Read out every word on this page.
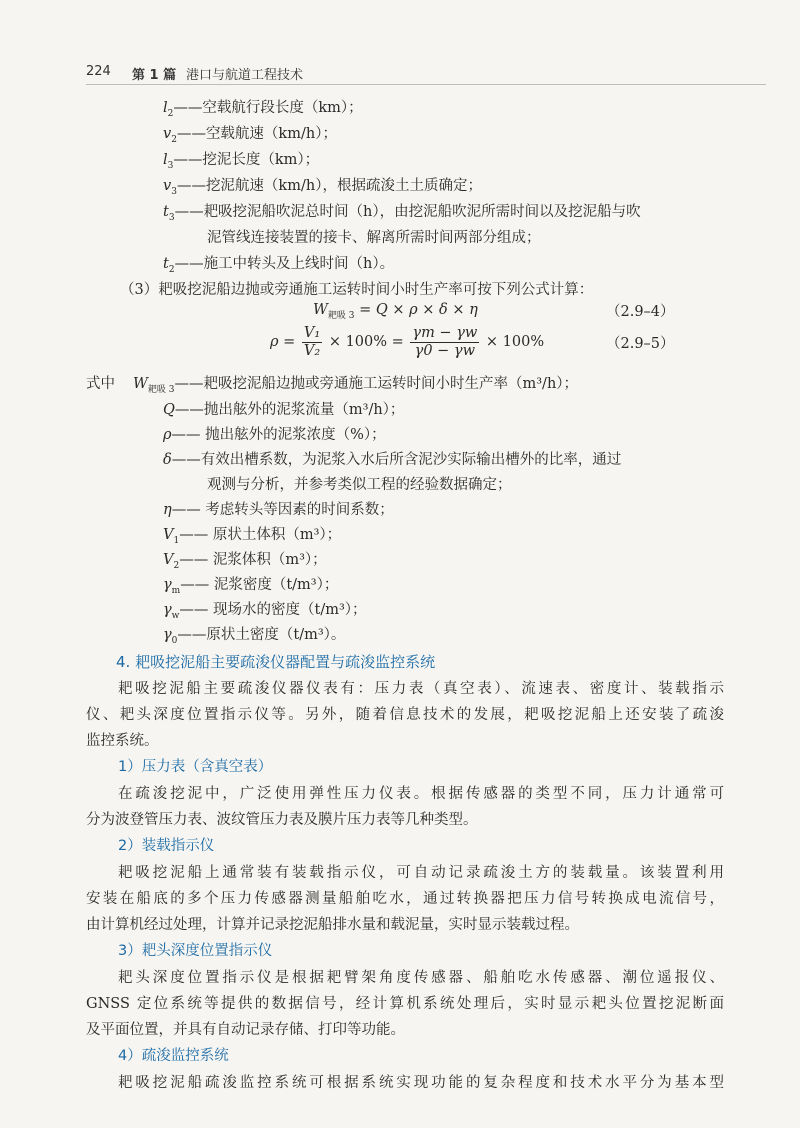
224 第 1 篇 港口与航道工程技术
$l_2——$空载航行段长度（km）；
$v_2——$空载航速（km/h）；
$l_3——$挖泥长度（km）；
$v_3——$挖泥航速（km/h），根据疏浚土土质确定；
$t_3——$耙吸挖泥船吹泥总时间（h），由挖泥船吹泥所需时间以及挖泥船与吹
泥管线连接装置的接卡、解离所需时间两部分组成；
$t_2——$施工中转头及上线时间（h）。
（3）耙吸挖泥船边抛或旁通施工运转时间小时生产率可按下列公式计算：
$W_{耙吸 3} = Q \times \rho \times \delta \times \eta$	（2.9–4）
$\rho = \frac{\text{V₁}}{\text{V₂}} \times 100\% = \frac{\gamma m - \gamma w}{\gamma 0 - \gamma w} \times 100\%$	（2.9–5）
式中 $W_{耙吸 3}——$耙吸挖泥船边抛或旁通施工运转时间小时生产率（m³/h）；
Q——抛出舷外的泥浆流量（m³/h）；
ρ—— 抛出舷外的泥浆浓度（%）；
δ——有效出槽系数，为泥浆入水后所含泥沙实际输出槽外的比率，通过
观测与分析，并参考类似工程的经验数据确定；
η—— 考虑转头等因素的时间系数；
$V_1——$ 原状土体积（m³）；
$V_2——$ 泥浆体积（m³）；
$\gamma_m——$ 泥浆密度（t/m³）；
$\gamma_w——$ 现场水的密度（t/m³）；
$\gamma_0——$原状土密度（t/m³）。
4. 耙吸挖泥船主要疏浚仪器配置与疏浚监控系统
耙吸挖泥船主要疏浚仪器仪表有：压力表（真空表）、流速表、密度计、装载指示
仪、耙头深度位置指示仪等。另外，随着信息技术的发展，耙吸挖泥船上还安装了疏浚
监控系统。
1）压力表（含真空表）
在疏浚挖泥中，广泛使用弹性压力仪表。根据传感器的类型不同，压力计通常可
分为波登管压力表、波纹管压力表及膜片压力表等几种类型。
2）装载指示仪
耙吸挖泥船上通常装有装载指示仪，可自动记录疏浚土方的装载量。该装置利用
安装在船底的多个压力传感器测量船舶吃水，通过转换器把压力信号转换成电流信号，
由计算机经过处理，计算并记录挖泥船排水量和载泥量，实时显示装载过程。
3）耙头深度位置指示仪
耙头深度位置指示仪是根据耙臂架角度传感器、船舶吃水传感器、潮位遥报仪、
GNSS 定位系统等提供的数据信号，经计算机系统处理后，实时显示耙头位置挖泥断面
及平面位置，并具有自动记录存储、打印等功能。
4）疏浚监控系统
耙吸挖泥船疏浚监控系统可根据系统实现功能的复杂程度和技术水平分为基本型
